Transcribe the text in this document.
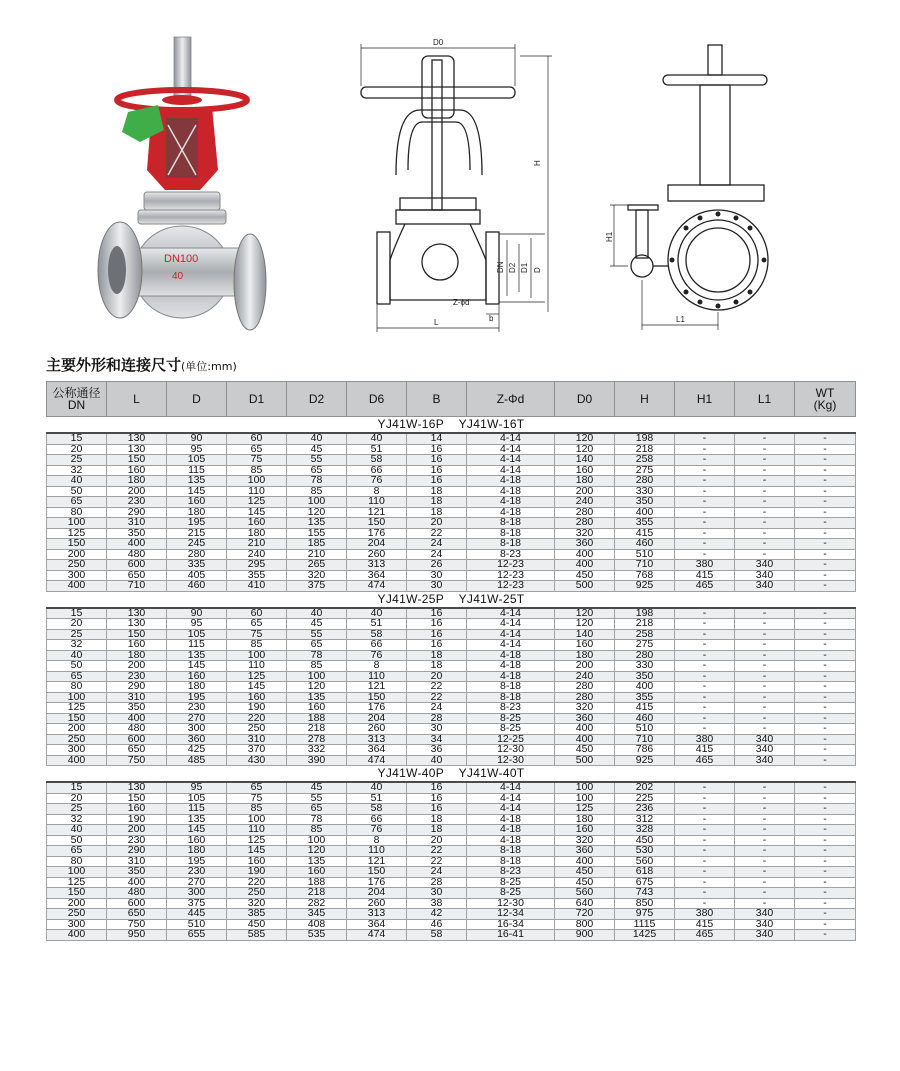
DN100
40
D0
H
DN D2 D1 D
Z-ϕd
b
L
H1
L1
主要外形和连接尺寸(单位:mm)
公称通径
DN	L	D	D1	D2	D6	B	Z-Φd	D0	H	H1	L1	WT
(Kg)
YJ41W-16P    YJ41W-16T												
15	130	90	60	40	40	14	4-14	120	198	-	-	-
20	130	95	65	45	51	16	4-14	120	218	-	-	-
25	150	105	75	55	58	16	4-14	140	258	-	-	-
32	160	115	85	65	66	16	4-14	160	275	-	-	-
40	180	135	100	78	76	16	4-18	180	280	-	-	-
50	200	145	110	85	8	18	4-18	200	330	-	-	-
65	230	160	125	100	110	18	4-18	240	350	-	-	-
80	290	180	145	120	121	18	4-18	280	400	-	-	-
100	310	195	160	135	150	20	8-18	280	355	-	-	-
125	350	215	180	155	176	22	8-18	320	415	-	-	-
150	400	245	210	185	204	24	8-18	360	460	-	-	-
200	480	280	240	210	260	24	8-23	400	510	-	-	-
250	600	335	295	265	313	26	12-23	400	710	380	340	-
300	650	405	355	320	364	30	12-23	450	768	415	340	-
400	710	460	410	375	474	30	12-23	500	925	465	340	-
YJ41W-25P    YJ41W-25T												
15	130	90	60	40	40	16	4-14	120	198	-	-	-
20	130	95	65	45	51	16	4-14	120	218	-	-	-
25	150	105	75	55	58	16	4-14	140	258	-	-	-
32	160	115	85	65	66	16	4-14	160	275	-	-	-
40	180	135	100	78	76	18	4-18	180	280	-	-	-
50	200	145	110	85	8	18	4-18	200	330	-	-	-
65	230	160	125	100	110	20	4-18	240	350	-	-	-
80	290	180	145	120	121	22	8-18	280	400	-	-	-
100	310	195	160	135	150	22	8-18	280	355	-	-	-
125	350	230	190	160	176	24	8-23	320	415	-	-	-
150	400	270	220	188	204	28	8-25	360	460	-	-	-
200	480	300	250	218	260	30	8-25	400	510	-	-	-
250	600	360	310	278	313	34	12-25	400	710	380	340	-
300	650	425	370	332	364	36	12-30	450	786	415	340	-
400	750	485	430	390	474	40	12-30	500	925	465	340	-
YJ41W-40P    YJ41W-40T												
15	130	95	65	45	40	16	4-14	100	202	-	-	-
20	150	105	75	55	51	16	4-14	100	225	-	-	-
25	160	115	85	65	58	16	4-14	125	236	-	-	-
32	190	135	100	78	66	18	4-18	180	312	-	-	-
40	200	145	110	85	76	18	4-18	160	328	-	-	-
50	230	160	125	100	8	20	4-18	320	450	-	-	-
65	290	180	145	120	110	22	8-18	360	530	-	-	-
80	310	195	160	135	121	22	8-18	400	560	-	-	-
100	350	230	190	160	150	24	8-23	450	618	-	-	-
125	400	270	220	188	176	28	8-25	450	675	-	-	-
150	480	300	250	218	204	30	8-25	560	743	-	-	-
200	600	375	320	282	260	38	12-30	640	850	-	-	-
250	650	445	385	345	313	42	12-34	720	975	380	340	-
300	750	510	450	408	364	46	16-34	800	1115	415	340	-
400	950	655	585	535	474	58	16-41	900	1425	465	340	-
